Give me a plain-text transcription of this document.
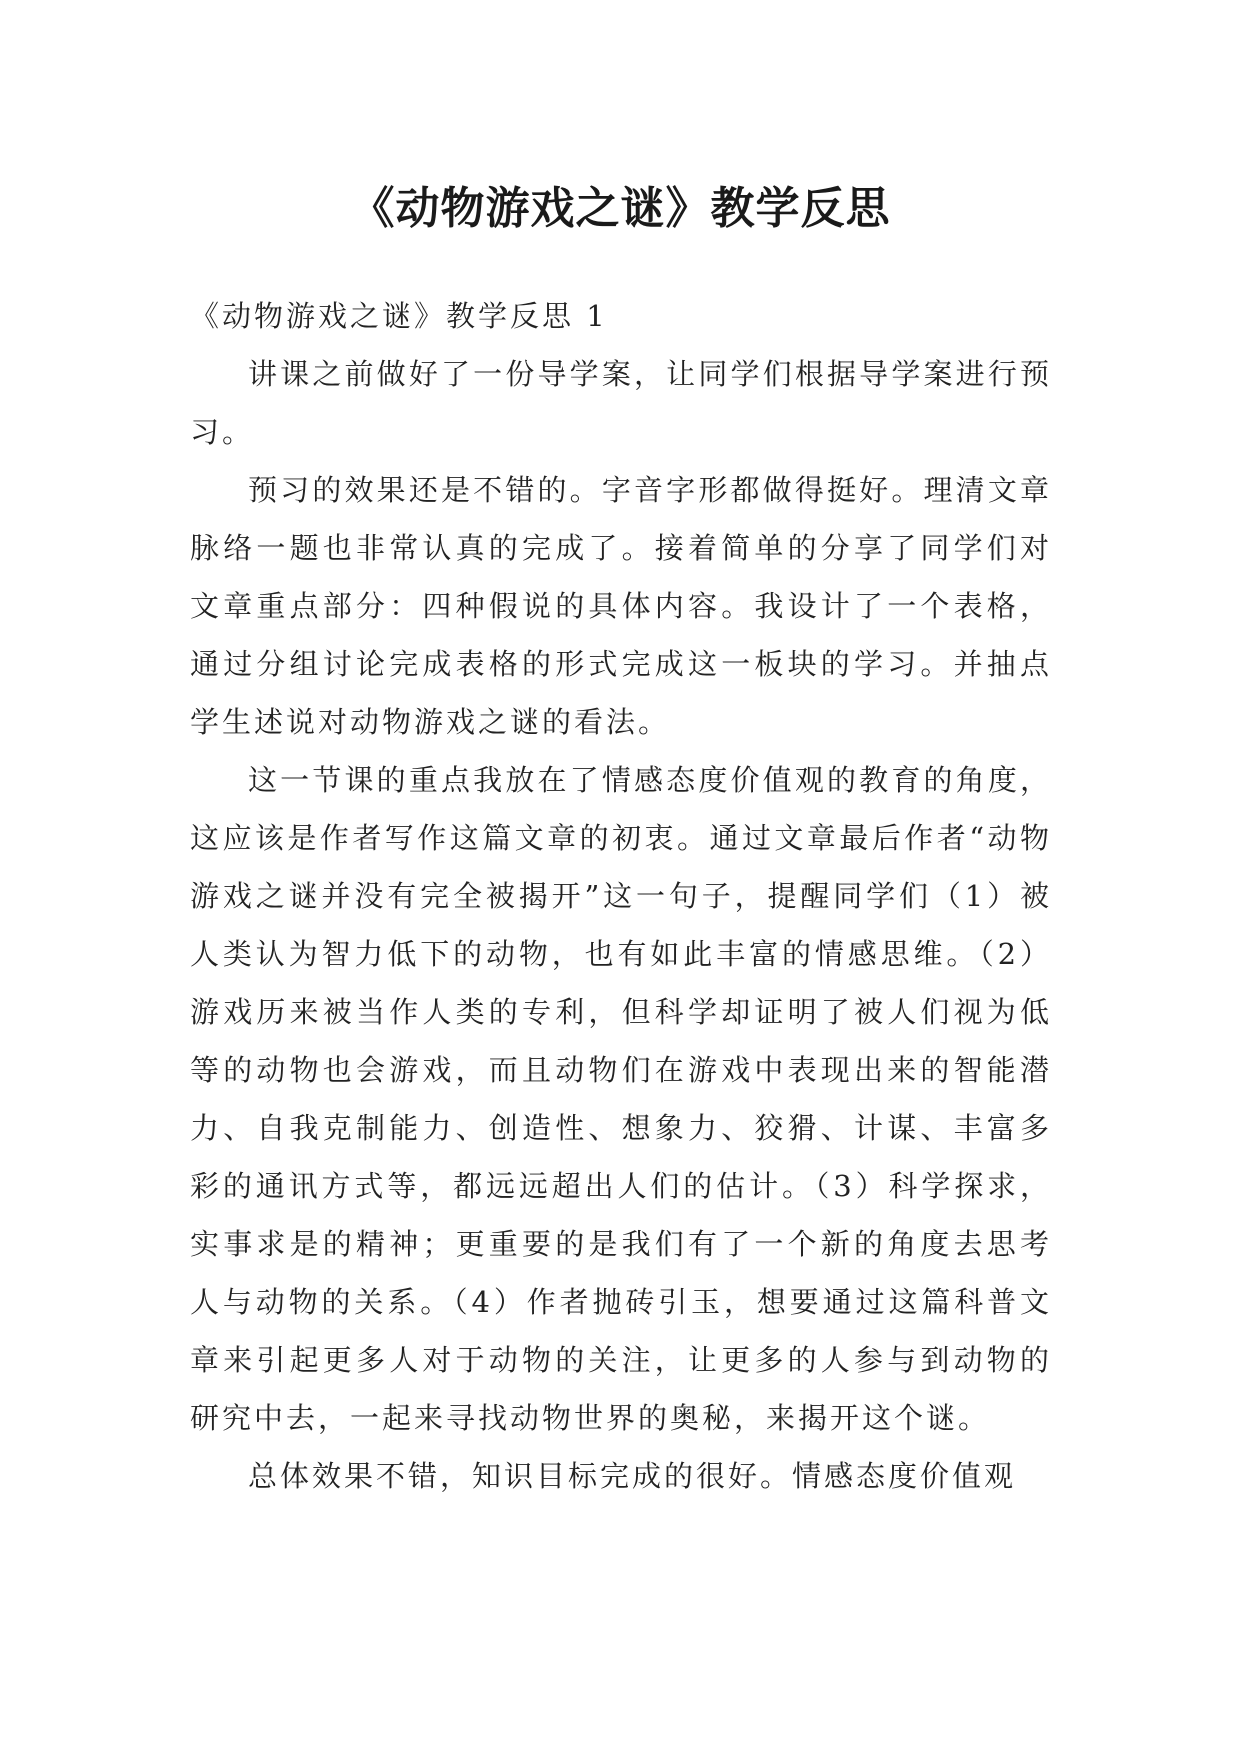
《动物游戏之谜》教学反思

《动物游戏之谜》教学反思 1

讲课之前做好了一份导学案，让同学们根据导学案进行预习。

预习的效果还是不错的。字音字形都做得挺好。理清文章脉络一题也非常认真的完成了。接着简单的分享了同学们对文章重点部分：四种假说的具体内容。我设计了一个表格，通过分组讨论完成表格的形式完成这一板块的学习。并抽点学生述说对动物游戏之谜的看法。

这一节课的重点我放在了情感态度价值观的教育的角度，这应该是作者写作这篇文章的初衷。通过文章最后作者“动物游戏之谜并没有完全被揭开”这一句子，提醒同学们（1）被人类认为智力低下的动物，也有如此丰富的情感思维。（2）游戏历来被当作人类的专利，但科学却证明了被人们视为低等的动物也会游戏，而且动物们在游戏中表现出来的智能潜力、自我克制能力、创造性、想象力、狡猾、计谋、丰富多彩的通讯方式等，都远远超出人们的估计。（3）科学探求，实事求是的精神；更重要的是我们有了一个新的角度去思考人与动物的关系。（4）作者抛砖引玉，想要通过这篇科普文章来引起更多人对于动物的关注，让更多的人参与到动物的研究中去，一起来寻找动物世界的奥秘，来揭开这个谜。

总体效果不错，知识目标完成的很好。情感态度价值观
